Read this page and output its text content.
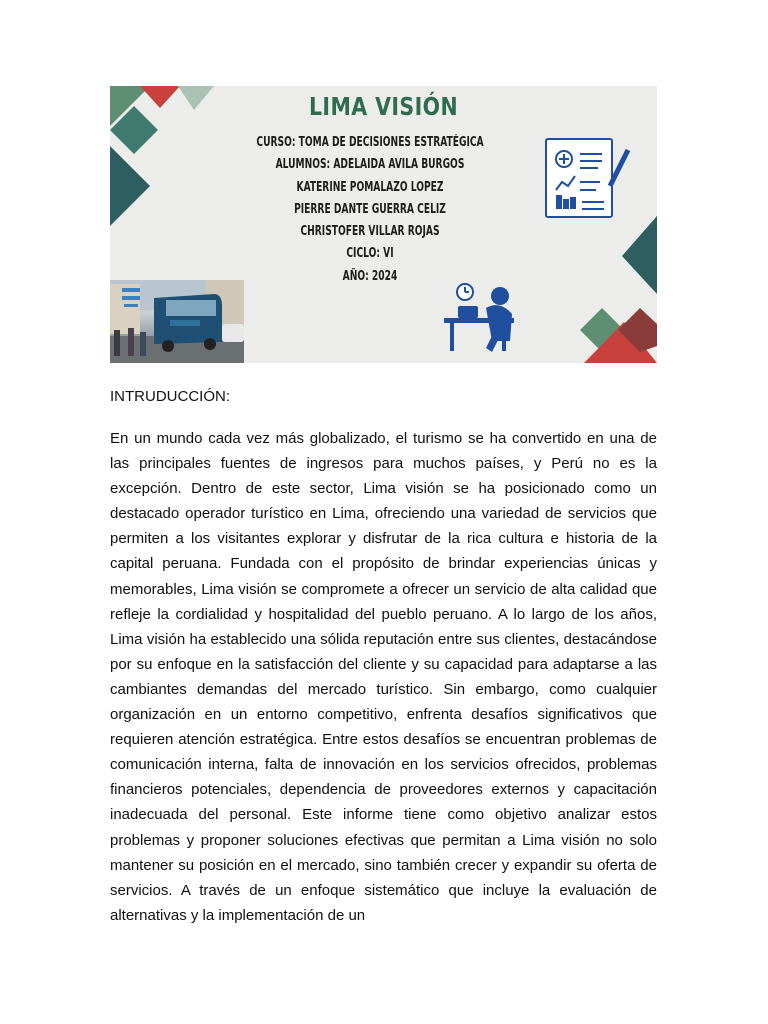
LIMA VISIÓN
CURSO: TOMA DE DECISIONES ESTRATÉGICA
ALUMNOS: ADELAIDA AVILA BURGOS
KATERINE POMALAZO LOPEZ
PIERRE DANTE GUERRA CELIZ
CHRISTOFER VILLAR ROJAS
CICLO: VI
AÑO: 2024
INTRUDUCCIÓN:

En un mundo cada vez más globalizado, el turismo se ha convertido en una de las principales fuentes de ingresos para muchos países, y Perú no es la excepción. Dentro de este sector, Lima visión se ha posicionado como un destacado operador turístico en Lima, ofreciendo una variedad de servicios que permiten a los visitantes explorar y disfrutar de la rica cultura e historia de la capital peruana. Fundada con el propósito de brindar experiencias únicas y memorables, Lima visión se compromete a ofrecer un servicio de alta calidad que refleje la cordialidad y hospitalidad del pueblo peruano. A lo largo de los años, Lima visión ha establecido una sólida reputación entre sus clientes, destacándose por su enfoque en la satisfacción del cliente y su capacidad para adaptarse a las cambiantes demandas del mercado turístico. Sin embargo, como cualquier organización en un entorno competitivo, enfrenta desafíos significativos que requieren atención estratégica. Entre estos desafíos se encuentran problemas de comunicación interna, falta de innovación en los servicios ofrecidos, problemas financieros potenciales, dependencia de proveedores externos y capacitación inadecuada del personal. Este informe tiene como objetivo analizar estos problemas y proponer soluciones efectivas que permitan a Lima visión no solo mantener su posición en el mercado, sino también crecer y expandir su oferta de servicios. A través de un enfoque sistemático que incluye la evaluación de alternativas y la implementación de un
